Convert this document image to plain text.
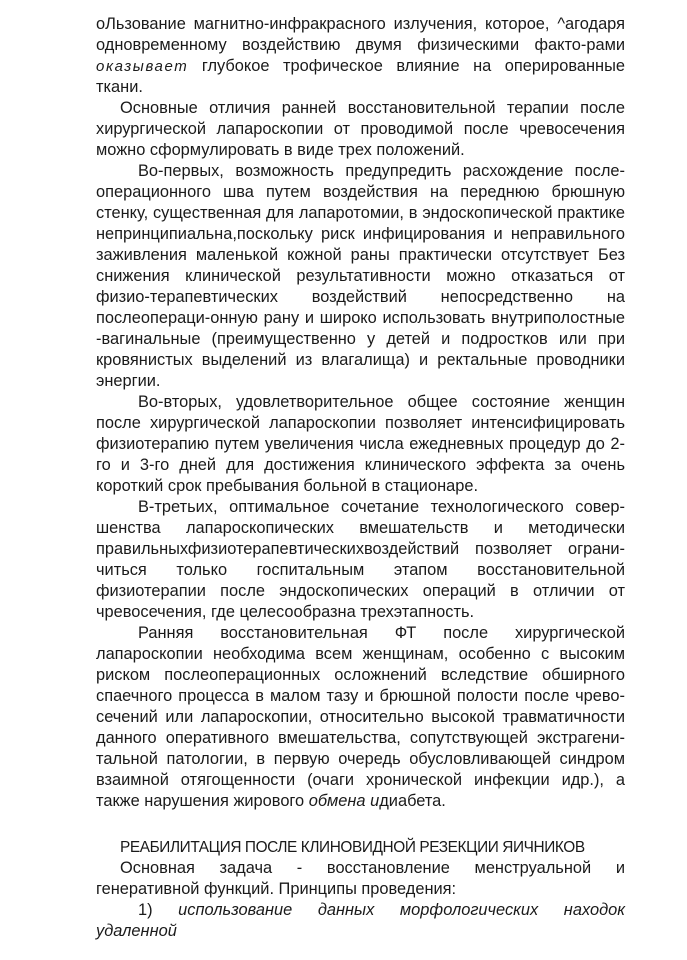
оЛьзование магнитно-инфракрасного излучения, которое, ^агодаря одновременному воздействию двумя физическими факто-рами оказывает глубокое трофическое влияние на оперированные ткани.

Основные отличия ранней восстановительной терапии после хирургической лапароскопии от проводимой после чревосечения можно сформулировать в виде трех положений.

Во-первых, возможность предупредить расхождение после-операционного шва путем воздействия на переднюю брюшную стенку, существенная для лапаротомии, в эндоскопической практике непринципиальна,поскольку риск инфицирования и неправильного заживления маленькой кожной раны практически отсутствует Без снижения клинической результативности можно отказаться от физио-терапевтических воздействий непосредственно на послеопераци-онную рану и широко использовать внутриполостные -вагинальные (преимущественно у детей и подростков или при кровянистых выделений из влагалища) и ректальные проводники энергии.

Во-вторых, удовлетворительное общее состояние женщин после хирургической лапароскопии позволяет интенсифицировать физиотерапию путем увеличения числа ежедневных процедур до 2-го и 3-го дней для достижения клинического эффекта за очень короткий срок пребывания больной в стационаре.

В-третьих, оптимальное сочетание технологического совер-шенства лапароскопических вмешательств и методически правильныхфизиотерапевтическихвоздействий позволяет ограни-читься только госпитальным этапом восстановительной физиотерапии после эндоскопических операций в отличии от чревосечения, где целесообразна трехэтапность.

Ранняя восстановительная ФТ после хирургической лапароскопии необходима всем женщинам, особенно с высоким риском послеоперационных осложнений вследствие обширного спаечного процесса в малом тазу и брюшной полости после чрево-сечений или лапароскопии, относительно высокой травматичности данного оперативного вмешательства, сопутствующей экстрагени-тальной патологии, в первую очередь обусловливающей синдром взаимной отягощенности (очаги хронической инфекции идр.), а также нарушения жирового обмена идиабета.

РЕАБИЛИТАЦИЯ ПОСЛЕ КЛИНОВИДНОЙ РЕЗЕКЦИИ ЯИЧНИКОВ

Основная задача - восстановление менструальной и генеративной функций. Принципы проведения:

1) использование данных морфологических находок удаленной
